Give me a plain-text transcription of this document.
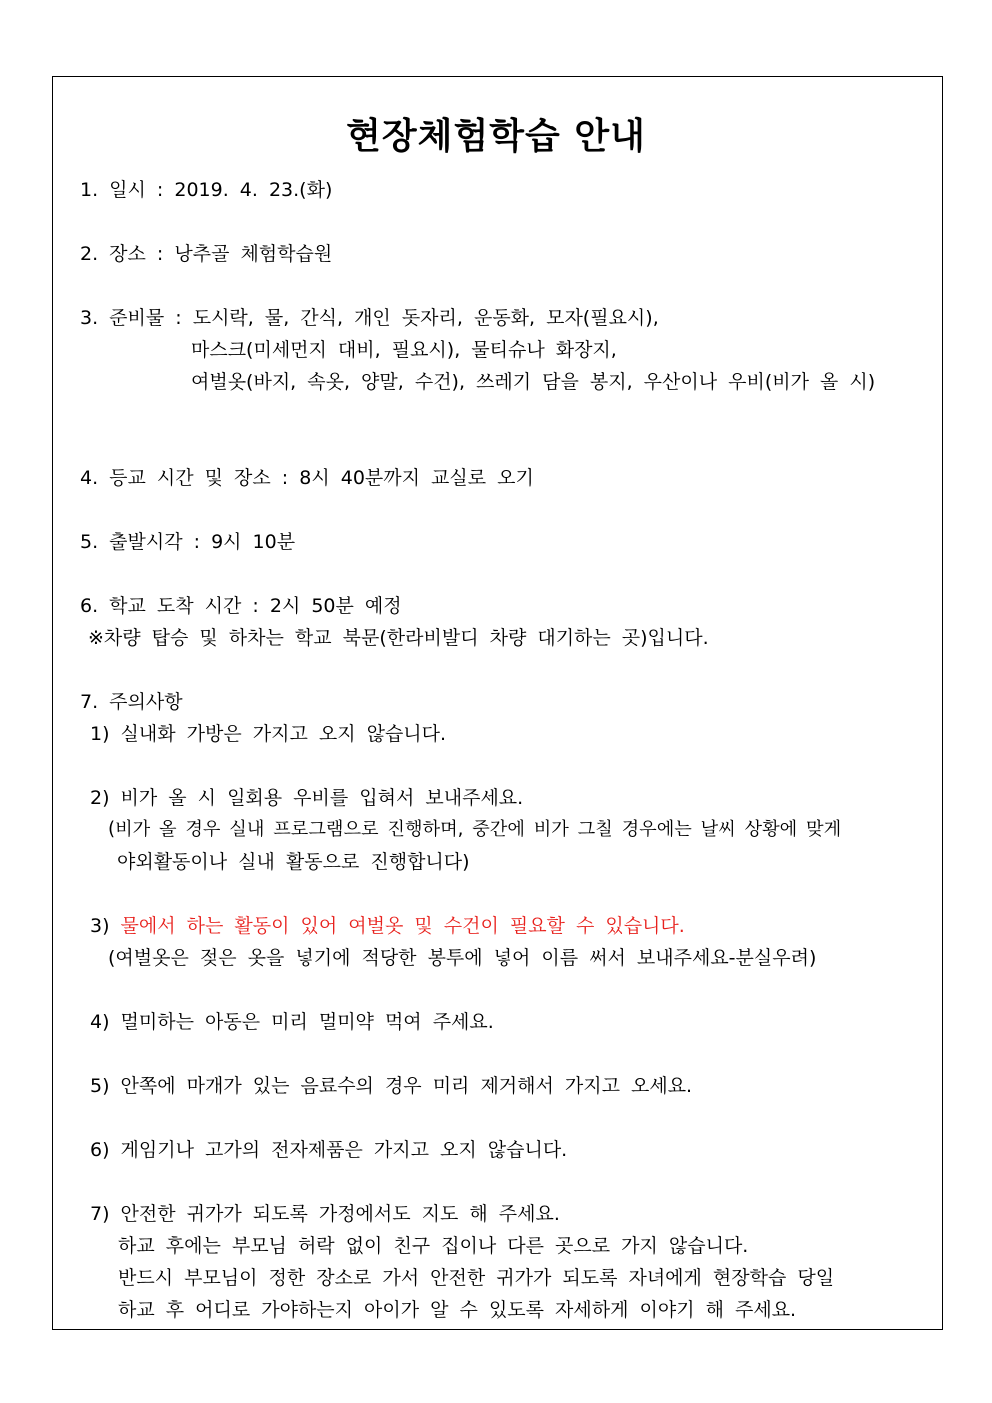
현장체험학습 안내
1. 일시 : 2019. 4. 23.(화)
2. 장소 : 낭추골 체험학습원
3. 준비물 : 도시락, 물, 간식, 개인 돗자리, 운동화, 모자(필요시),
마스크(미세먼지 대비, 필요시), 물티슈나 화장지,
여벌옷(바지, 속옷, 양말, 수건), 쓰레기 담을 봉지, 우산이나 우비(비가 올 시)
4. 등교 시간 및 장소 : 8시 40분까지 교실로 오기
5. 출발시각 : 9시 10분
6. 학교 도착 시간 : 2시 50분 예정
※차량 탑승 및 하차는 학교 북문(한라비발디 차량 대기하는 곳)입니다.
7. 주의사항
1) 실내화 가방은 가지고 오지 않습니다.
2) 비가 올 시 일회용 우비를 입혀서 보내주세요.
(비가 올 경우 실내 프로그램으로 진행하며, 중간에 비가 그칠 경우에는 날씨 상황에 맞게
야외활동이나 실내 활동으로 진행합니다)
3) 물에서 하는 활동이 있어 여벌옷 및 수건이 필요할 수 있습니다.
(여벌옷은 젖은 옷을 넣기에 적당한 봉투에 넣어 이름 써서 보내주세요-분실우려)
4) 멀미하는 아동은 미리 멀미약 먹여 주세요.
5) 안쪽에 마개가 있는 음료수의 경우 미리 제거해서 가지고 오세요.
6) 게임기나 고가의 전자제품은 가지고 오지 않습니다.
7) 안전한 귀가가 되도록 가정에서도 지도 해 주세요.
하교 후에는 부모님 허락 없이 친구 집이나 다른 곳으로 가지 않습니다.
반드시 부모님이 정한 장소로 가서 안전한 귀가가 되도록 자녀에게 현장학습 당일
하교 후 어디로 가야하는지 아이가 알 수 있도록 자세하게 이야기 해 주세요.
